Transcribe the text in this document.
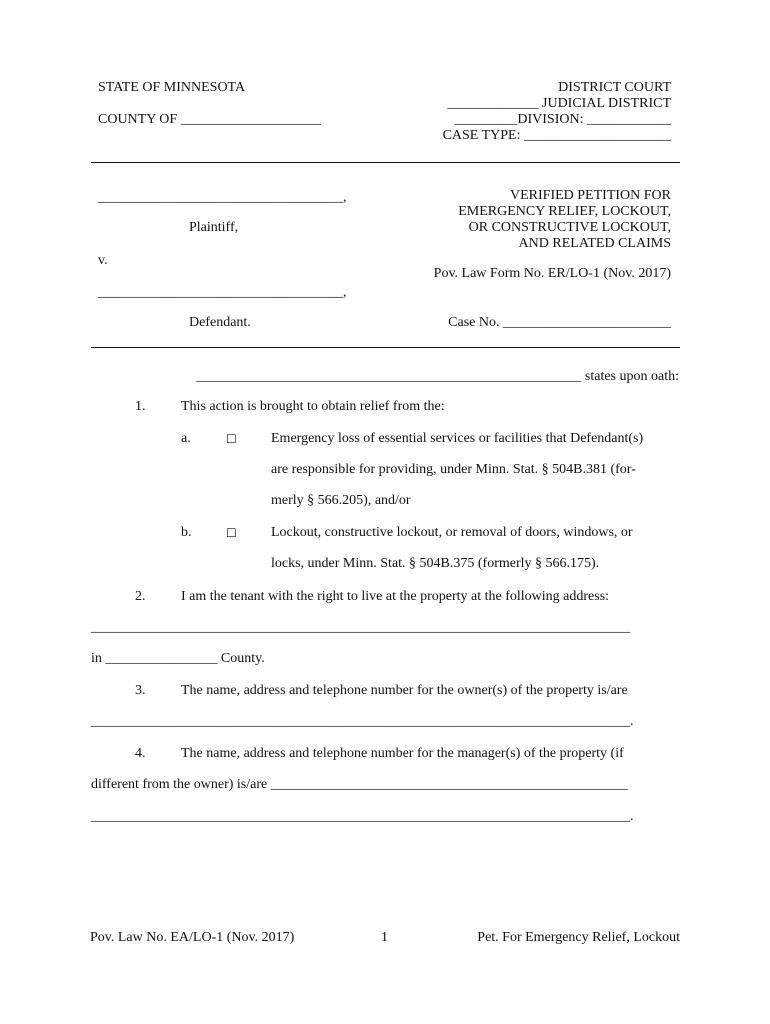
STATE OF MINNESOTA
COUNTY OF ____________________
DISTRICT COURT
_____________ JUDICIAL DISTRICT
_________DIVISION: ____________
CASE TYPE: _____________________
___________________________________,
Plaintiff,
v.
___________________________________,
Defendant.
VERIFIED PETITION FOR
EMERGENCY RELIEF, LOCKOUT,
OR CONSTRUCTIVE LOCKOUT,
AND RELATED CLAIMS
Pov. Law Form No. ER/LO-1 (Nov. 2017)
Case No. ________________________
_______________________________________________________ states upon oath:
1.	This action is brought to obtain relief from the:
a.	☐ Emergency loss of essential services or facilities that Defendant(s)
are responsible for providing, under Minn. Stat. § 504B.381 (for-
merly § 566.205), and/or
b.	☐ Lockout, constructive lockout, or removal of doors, windows, or
locks, under Minn. Stat. § 504B.375 (formerly § 566.175).
2.	I am the tenant with the right to live at the property at the following address:
_____________________________________________________________________________
in ________________ County.
3.	The name, address and telephone number for the owner(s) of the property is/are
_____________________________________________________________________________.
4.	The name, address and telephone number for the manager(s) of the property (if
different from the owner) is/are ___________________________________________________
_____________________________________________________________________________.
Pov. Law No. EA/LO-1 (Nov. 2017)	1	Pet. For Emergency Relief, Lockout
